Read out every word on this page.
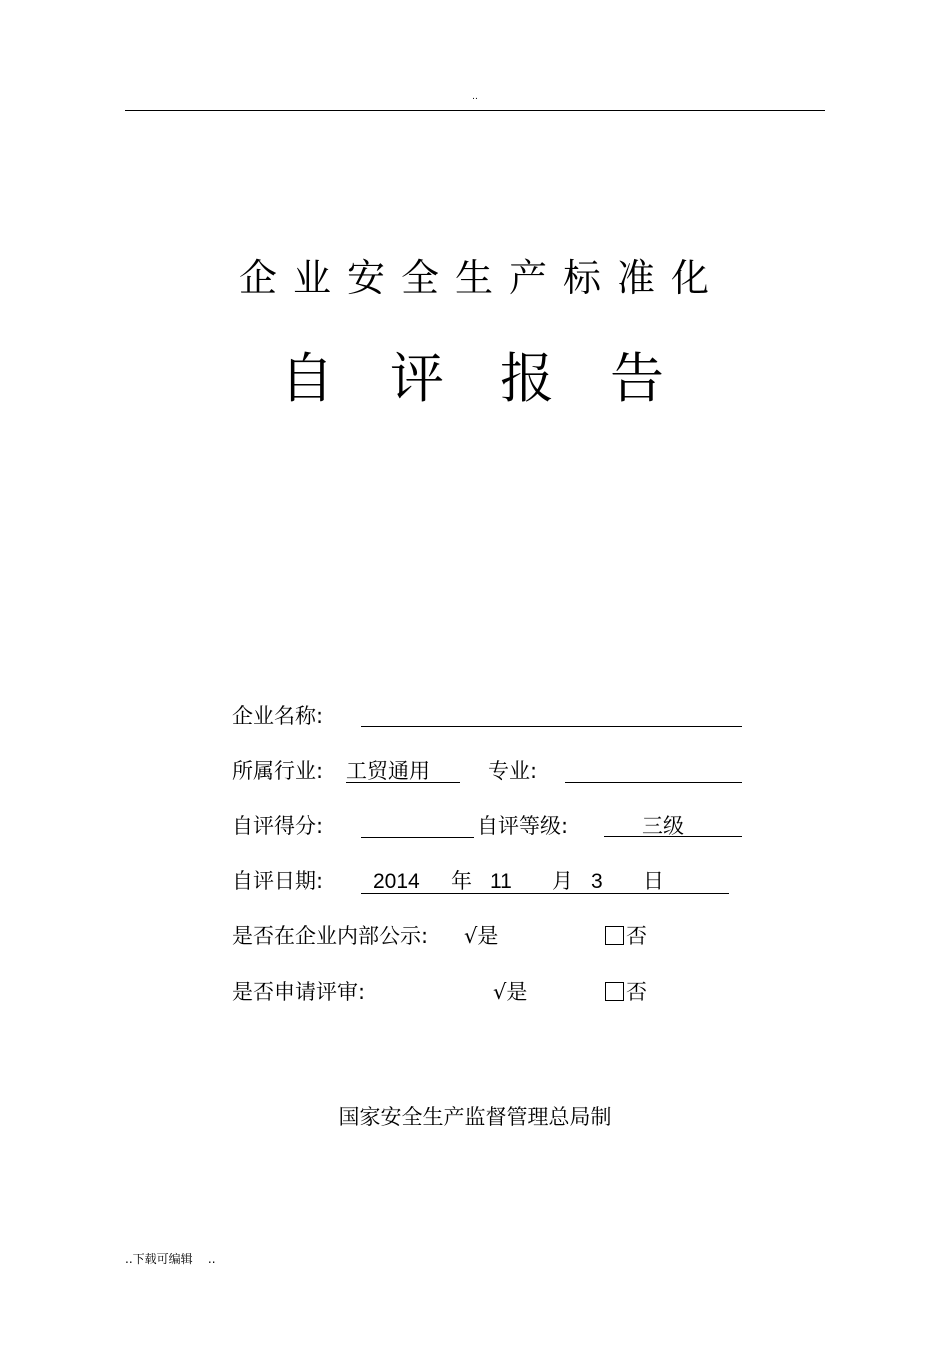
..
企业安全生产标准化
自评报告
企业名称:
所属行业: 工贸通用	专业:
自评得分:	自评等级:	三级
自评日期: 2014 年 11 月 3 日
是否在企业内部公示: √是	否
是否申请评审:	√是	否
国家安全生产监督管理总局制
..下载可编辑    ..
